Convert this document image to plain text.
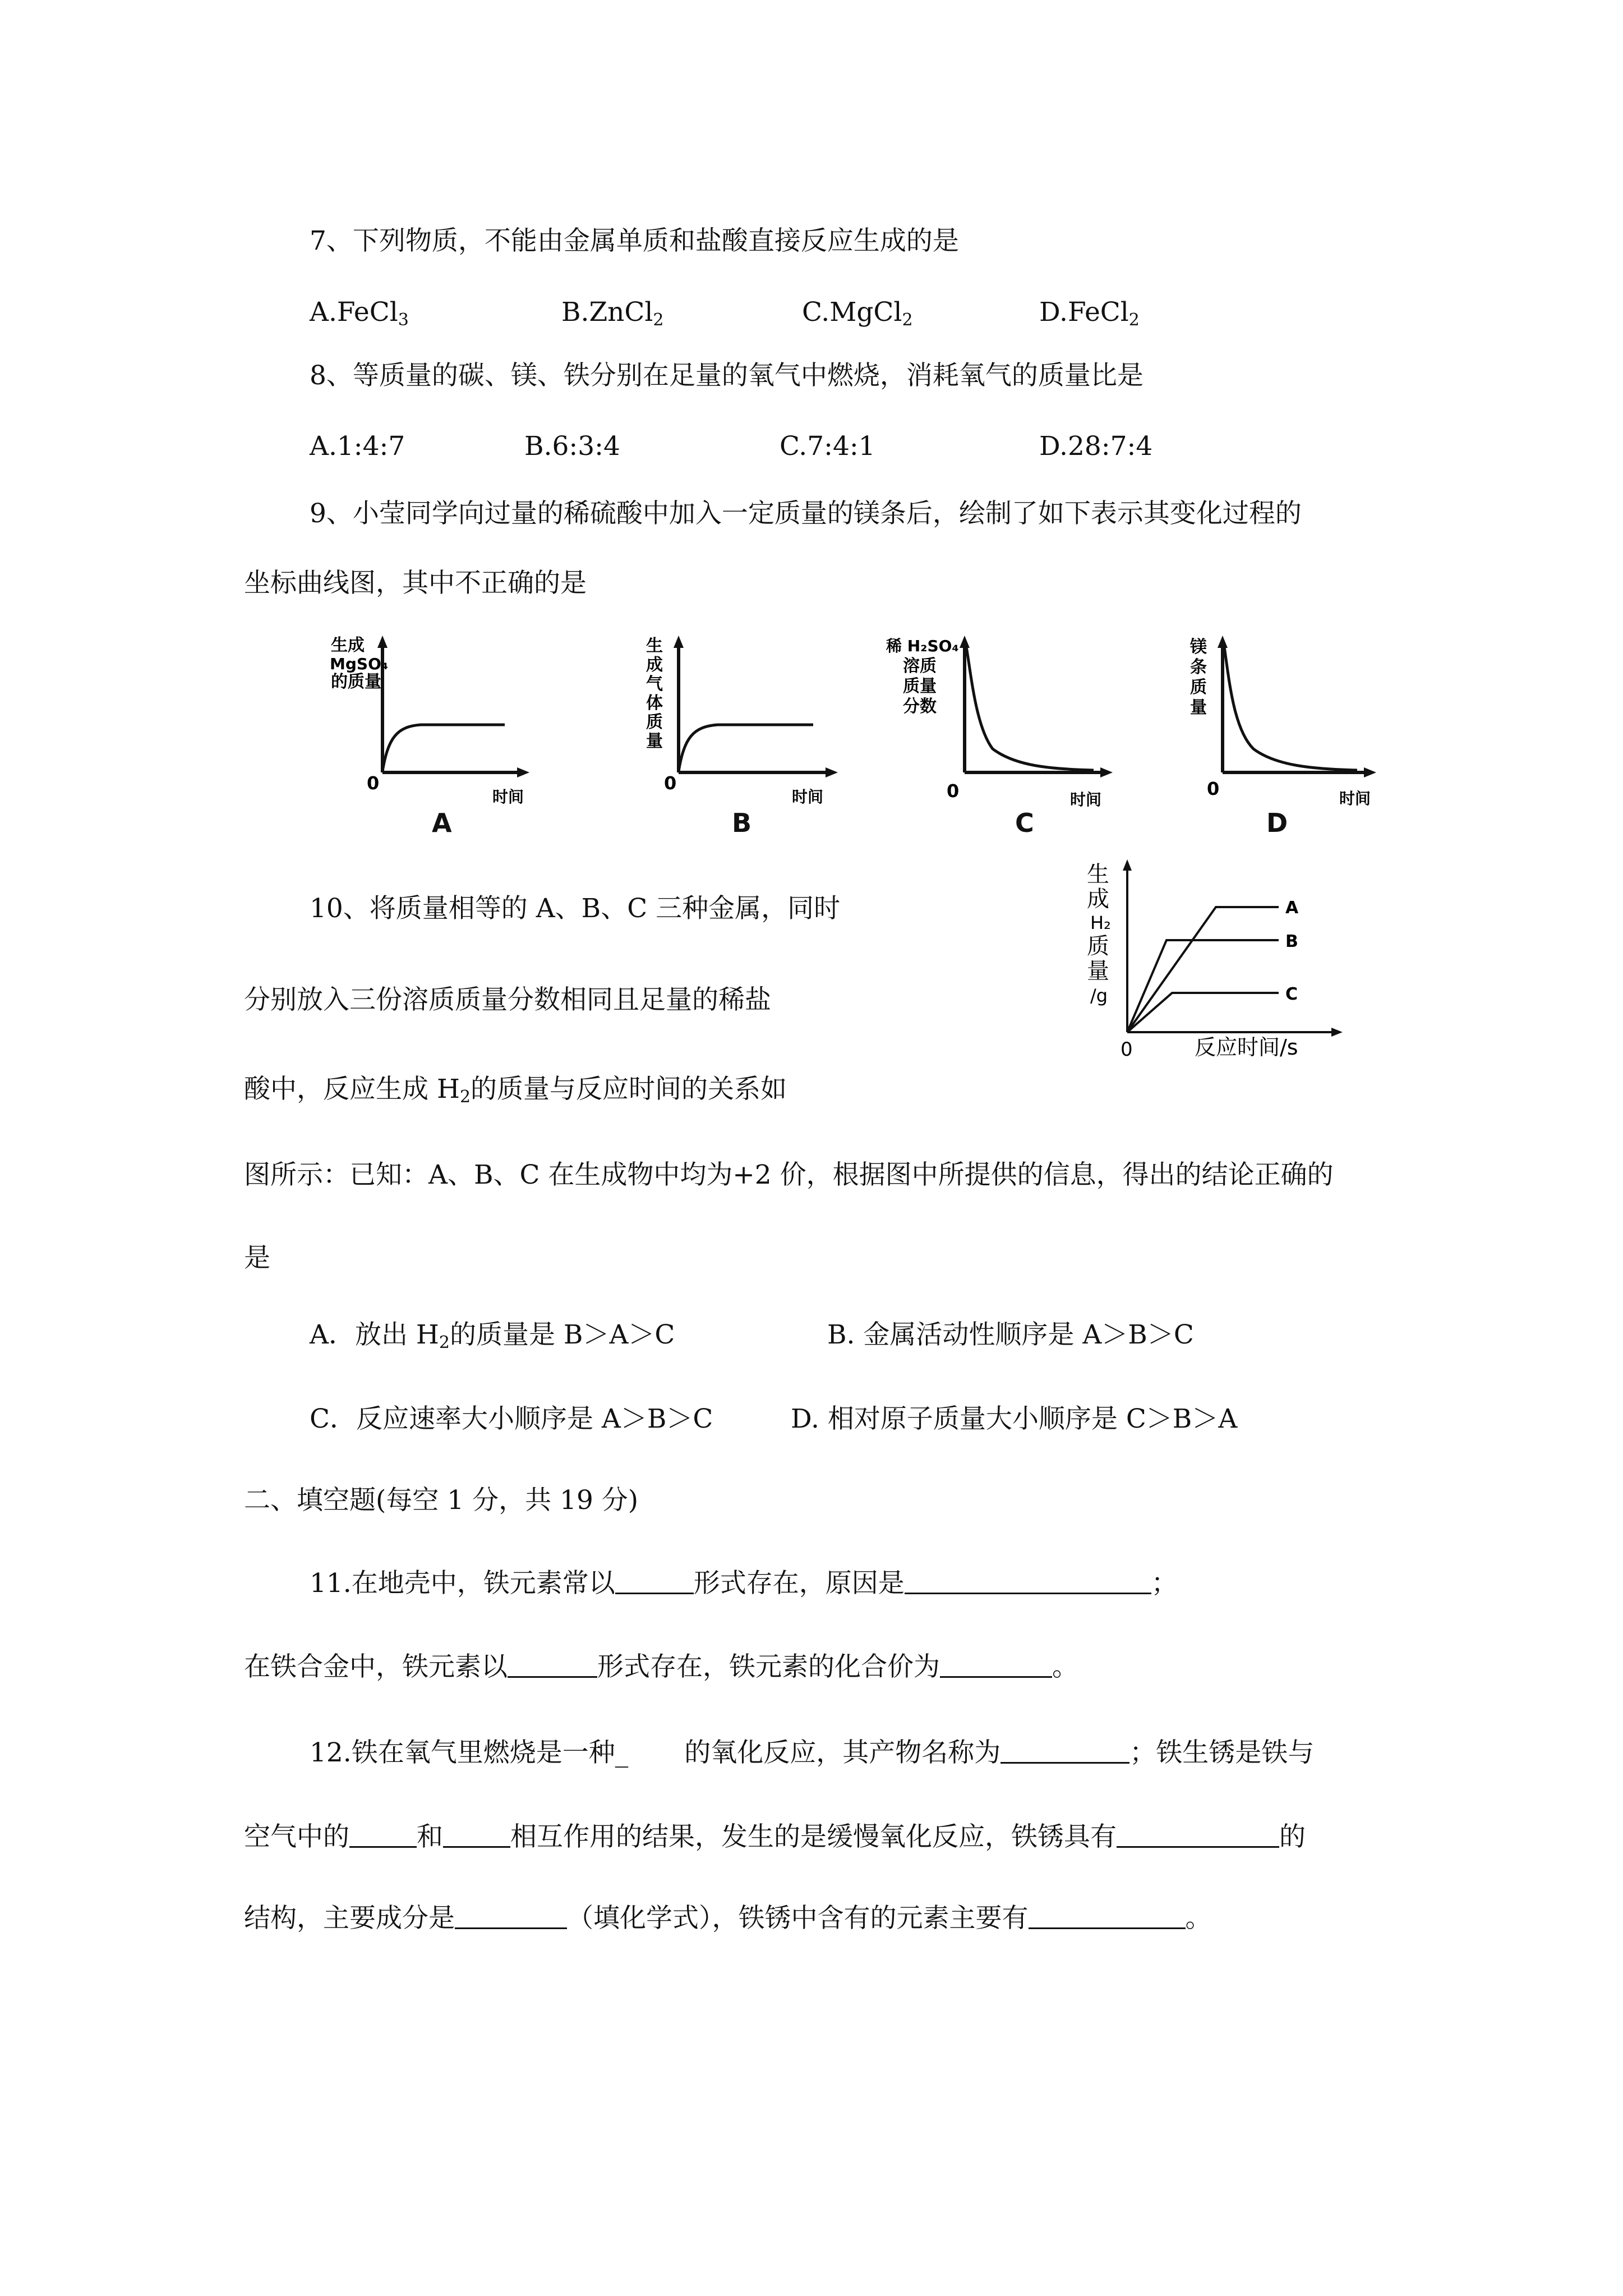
7、下列物质，不能由金属单质和盐酸直接反应生成的是
A.FeCl$_3$	B.ZnCl$_2$	C.MgCl$_2$	D.FeCl$_2$
8、等质量的碳、镁、铁分别在足量的氧气中燃烧，消耗氧气的质量比是
A.1:4:7	B.6:3:4	C.7:4:1	D.28:7:4
9、小莹同学向过量的稀硫酸中加入一定质量的镁条后，绘制了如下表示其变化过程的
坐标曲线图，其中不正确的是
生成
MgSO₄
的质量
0
时间
A
生
成
气
体
质
量
0
时间
B
稀 H₂SO₄
溶质
质量
分数
0	时间
C
镁
条
质
量
0	时间
D
10、将质量相等的 A、B、C 三种金属，同时
分别放入三份溶质质量分数相同且足量的稀盐
酸中，反应生成 $H_2$的质量与反应时间的关系如
图所示：已知：A、B、C 在生成物中均为+2 价，根据图中所提供的信息，得出的结论正确的
是
A
B
C
生
成
H₂
质
量
/g
0	反应时间/s
A．放出 $H_2$的质量是 B＞A＞C	B. 金属活动性顺序是 A＞B＞C
C．反应速率大小顺序是 A＞B＞C	D. 相对原子质量大小顺序是 C＞B＞A
二、填空题(每空 1 分，共 19 分)
11.在地壳中，铁元素常以	形式存在，原因是	；
在铁合金中，铁元素以	形式存在，铁元素的化合价为	。
12.铁在氧气里燃烧是一种_ 的氧化反应，其产物名称为	；铁生锈是铁与
空气中的	和	相互作用的结果，发生的是缓慢氧化反应，铁锈具有	的
结构，主要成分是	（填化学式），铁锈中含有的元素主要有	。
